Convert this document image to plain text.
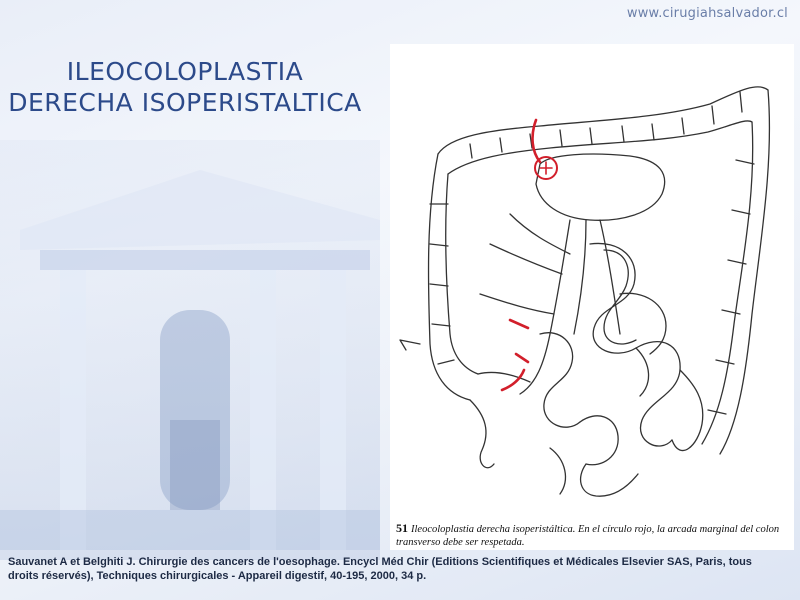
www.cirugiahsalvador.cl
ILEOCOLOPLASTIA
DERECHA ISOPERISTALTICA
51 Ileocoloplastia derecha isoperistáltica. En el círculo rojo, la arcada marginal del colon transverso debe ser respetada.
Sauvanet A et Belghiti J. Chirurgie des cancers de l'oesophage. Encycl Méd Chir (Editions Scientifiques et Médicales Elsevier SAS, Paris, tous droits réservés), Techniques chirurgicales - Appareil digestif, 40-195, 2000, 34 p.
